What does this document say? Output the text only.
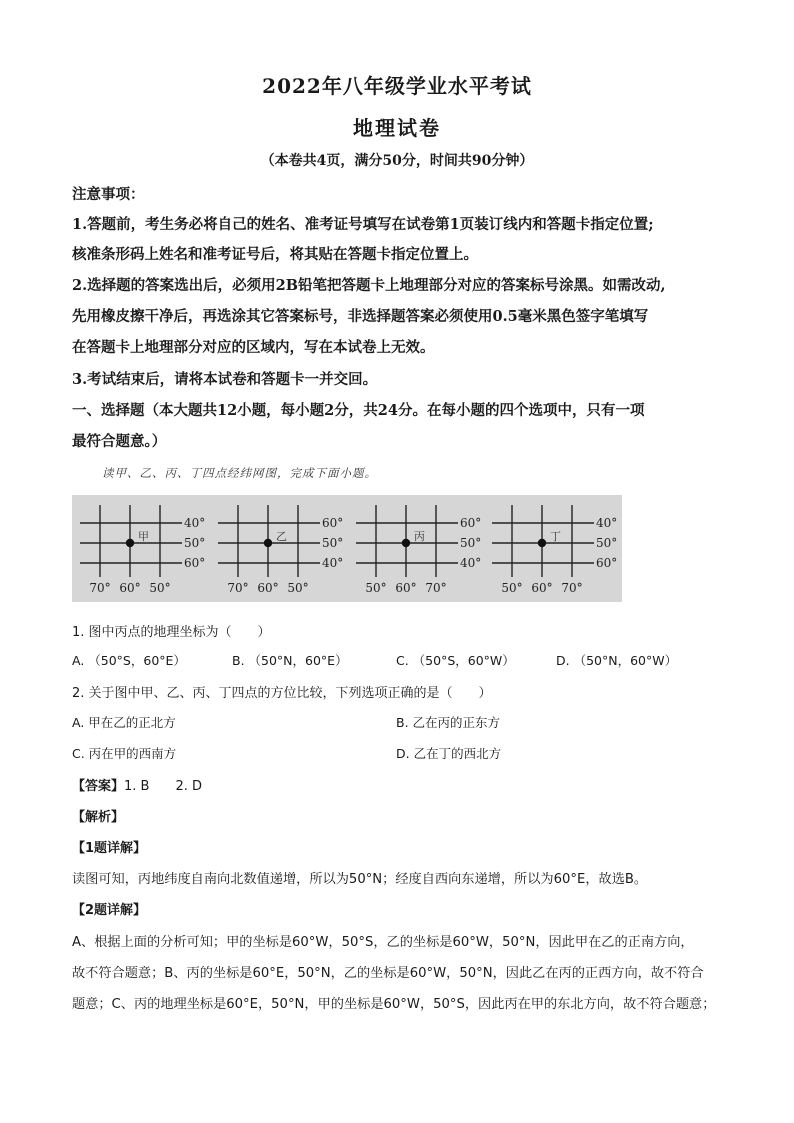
2022年八年级学业水平考试
地理试卷
（本卷共4页，满分50分，时间共90分钟）
注意事项：
1.答题前，考生务必将自己的姓名、准考证号填写在试卷第1页装订线内和答题卡指定位置;
核准条形码上姓名和准考证号后，将其贴在答题卡指定位置上。
2.选择题的答案选出后，必须用2B铅笔把答题卡上地理部分对应的答案标号涂黑。如需改动,
先用橡皮擦干净后，再选涂其它答案标号，非选择题答案必须使用0.5毫米黑色签字笔填写
在答题卡上地理部分对应的区域内，写在本试卷上无效。
3.考试结束后，请将本试卷和答题卡一并交回。
一、选择题（本大题共12小题，每小题2分，共24分。在每小题的四个选项中，只有一项
最符合题意。）
读甲、乙、丙、丁四点经纬网图，完成下面小题。
40°
50°
60°
70° 60° 50°
甲
60°
50°
40°
70° 60° 50°
乙
60°
50°
40°
50° 60° 70°
丙
40°
50°
60°
50° 60° 70°
丁
1. 图中丙点的地理坐标为（　　）
A. （50°S，60°E）	B. （50°N，60°E）	C. （50°S，60°W）	D. （50°N，60°W）
2. 关于图中甲、乙、丙、丁四点的方位比较，下列选项正确的是（　　）
A. 甲在乙的正北方	B. 乙在丙的正东方
C. 丙在甲的西南方	D. 乙在丁的西北方
【答案】1. B　　2. D
【解析】
【1题详解】
读图可知，丙地纬度自南向北数值递增，所以为50°N；经度自西向东递增，所以为60°E，故选B。
【2题详解】
A、根据上面的分析可知；甲的坐标是60°W，50°S，乙的坐标是60°W，50°N，因此甲在乙的正南方向，
故不符合题意；B、丙的坐标是60°E，50°N，乙的坐标是60°W，50°N，因此乙在丙的正西方向，故不符合
题意；C、丙的地理坐标是60°E，50°N，甲的坐标是60°W，50°S，因此丙在甲的东北方向，故不符合题意；
